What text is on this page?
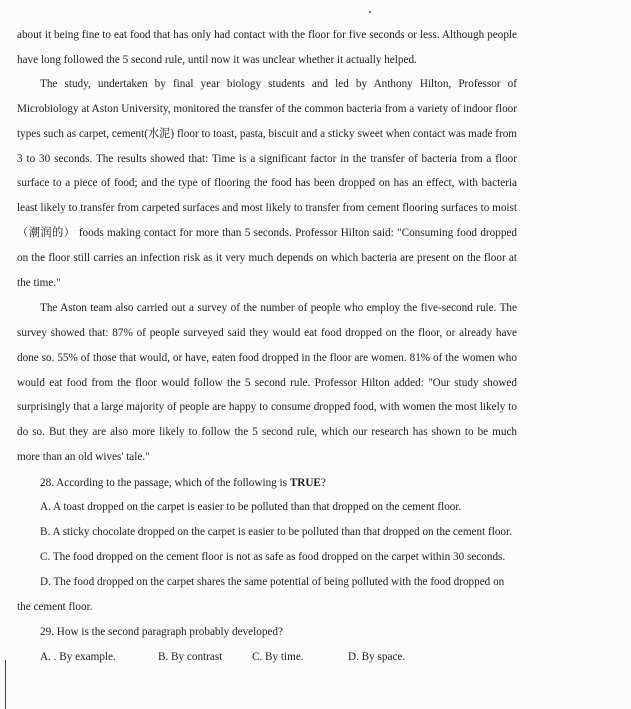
about it being fine to eat food that has only had contact with the floor for five seconds or less. Although people have long followed the 5 second rule, until now it was unclear whether it actually helped.

The study, undertaken by final year biology students and led by Anthony Hilton, Professor of Microbiology at Aston University, monitored the transfer of the common bacteria from a variety of indoor floor types such as carpet, cement(水泥) floor to toast, pasta, biscuit and a sticky sweet when contact was made from 3 to 30 seconds. The results showed that: Time is a significant factor in the transfer of bacteria from a floor surface to a piece of food; and the type of flooring the food has been dropped on has an effect, with bacteria least likely to transfer from carpeted surfaces and most likely to transfer from cement flooring surfaces to moist （潮润的） foods making contact for more than 5 seconds. Professor Hilton said: "Consuming food dropped on the floor still carries an infection risk as it very much depends on which bacteria are present on the floor at the time."

The Aston team also carried out a survey of the number of people who employ the five-second rule. The survey showed that: 87% of people surveyed said they would eat food dropped on the floor, or already have done so. 55% of those that would, or have, eaten food dropped in the floor are women. 81% of the women who would eat food from the floor would follow the 5 second rule. Professor Hilton added: "Our study showed surprisingly that a large majority of people are happy to consume dropped food, with women the most likely to do so. But they are also more likely to follow the 5 second rule, which our research has shown to be much more than an old wives' tale."

28. According to the passage, which of the following is TRUE?

A. A toast dropped on the carpet is easier to be polluted than that dropped on the cement floor.

B. A sticky chocolate dropped on the carpet is easier to be polluted than that dropped on the cement floor.

C. The food dropped on the cement floor is not as safe as food dropped on the carpet within 30 seconds.

D. The food dropped on the carpet shares the same potential of being polluted with the food dropped on

the cement floor.

29. How is the second paragraph probably developed?

A. . By example.	B. By contrast	C. By time.	D. By space.
